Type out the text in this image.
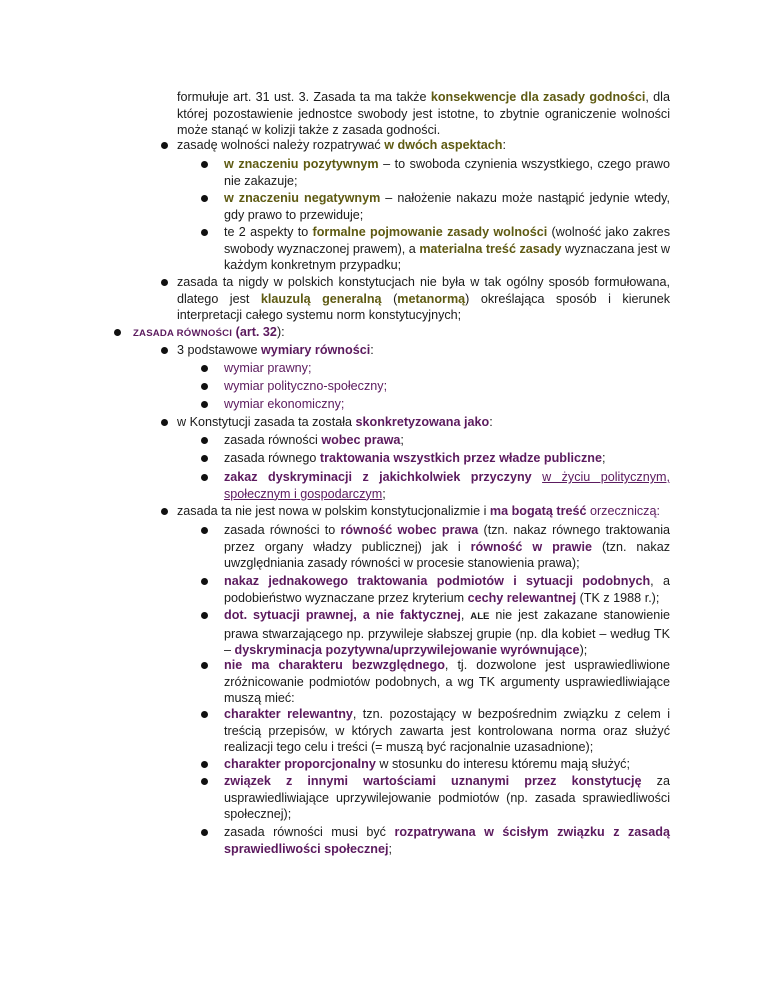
formułuje art. 31 ust. 3. Zasada ta ma także konsekwencje dla zasady godności, dla której pozostawienie jednostce swobody jest istotne, to zbytnie ograniczenie wolności może stanąć w kolizji także z zasada godności.
zasadę wolności należy rozpatrywać w dwóch aspektach:
w znaczeniu pozytywnym – to swoboda czynienia wszystkiego, czego prawo nie zakazuje;
w znaczeniu negatywnym – nałożenie nakazu może nastąpić jedynie wtedy, gdy prawo to przewiduje;
te 2 aspekty to formalne pojmowanie zasady wolności (wolność jako zakres swobody wyznaczonej prawem), a materialna treść zasady wyznaczana jest w każdym konkretnym przypadku;
zasada ta nigdy w polskich konstytucjach nie była w tak ogólny sposób formułowana, dlatego jest klauzulą generalną (metanormą) określająca sposób i kierunek interpretacji całego systemu norm konstytucyjnych;
ZASADA RÓWNOŚCI (art. 32):
3 podstawowe wymiary równości:
wymiar prawny;
wymiar polityczno-społeczny;
wymiar ekonomiczny;
w Konstytucji zasada ta została skonkretyzowana jako:
zasada równości wobec prawa;
zasada równego traktowania wszystkich przez władze publiczne;
zakaz dyskryminacji z jakichkolwiek przyczyny w życiu politycznym, społecznym i gospodarczym;
zasada ta nie jest nowa w polskim konstytucjonalizmie i ma bogatą treść orzeczniczą:
zasada równości to równość wobec prawa (tzn. nakaz równego traktowania przez organy władzy publicznej) jak i równość w prawie (tzn. nakaz uwzględniania zasady równości w procesie stanowienia prawa);
nakaz jednakowego traktowania podmiotów i sytuacji podobnych, a podobieństwo wyznaczane przez kryterium cechy relewantnej (TK z 1988 r.);
dot. sytuacji prawnej, a nie faktycznej, ALE nie jest zakazane stanowienie prawa stwarzającego np. przywileje słabszej grupie (np. dla kobiet – według TK – dyskryminacja pozytywna/uprzywilejowanie wyrównujące);
nie ma charakteru bezwzględnego, tj. dozwolone jest usprawiedliwione zróżnicowanie podmiotów podobnych, a wg TK argumenty usprawiedliwiające muszą mieć:
charakter relewantny, tzn. pozostający w bezpośrednim związku z celem i treścią przepisów, w których zawarta jest kontrolowana norma oraz służyć realizacji tego celu i treści (= muszą być racjonalnie uzasadnione);
charakter proporcjonalny w stosunku do interesu któremu mają służyć;
związek z innymi wartościami uznanymi przez konstytucję za usprawiedliwiające uprzywilejowanie podmiotów (np. zasada sprawiedliwości społecznej);
zasada równości musi być rozpatrywana w ścisłym związku z zasadą sprawiedliwości społecznej;
